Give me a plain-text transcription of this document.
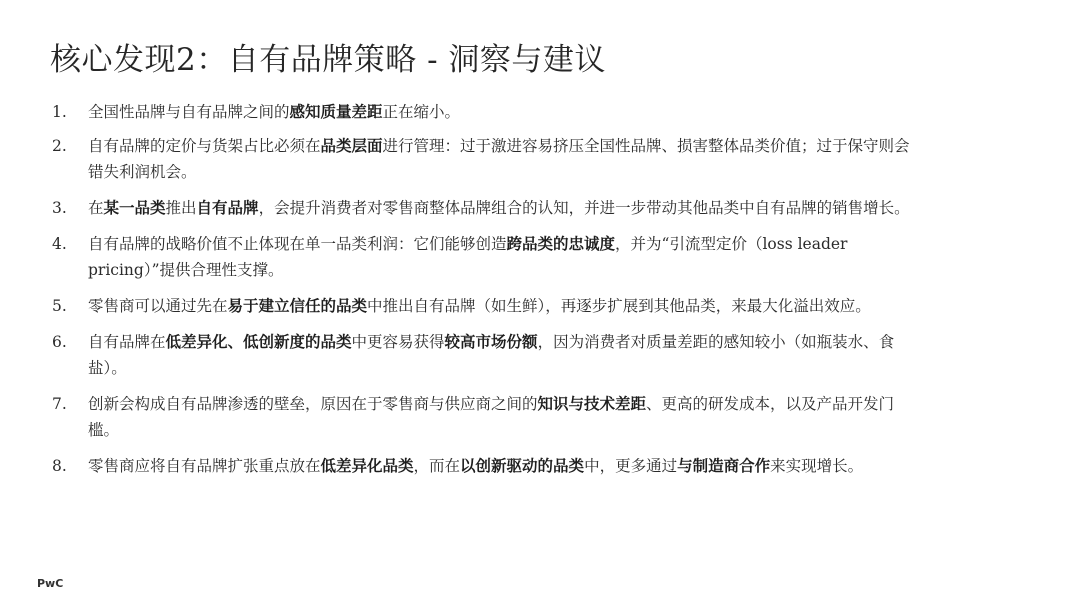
核心发现2：自有品牌策略 - 洞察与建议
1.	全国性品牌与自有品牌之间的感知质量差距正在缩小。
2.	自有品牌的定价与货架占比必须在品类层面进行管理：过于激进容易挤压全国性品牌、损害整体品类价值；过于保守则会错失利润机会。
3.	在某一品类推出自有品牌，会提升消费者对零售商整体品牌组合的认知，并进一步带动其他品类中自有品牌的销售增长。
4.	自有品牌的战略价值不止体现在单一品类利润：它们能够创造跨品类的忠诚度，并为“引流型定价（loss leader pricing）”提供合理性支撑。
5.	零售商可以通过先在易于建立信任的品类中推出自有品牌（如生鲜），再逐步扩展到其他品类，来最大化溢出效应。
6.	自有品牌在低差异化、低创新度的品类中更容易获得较高市场份额，因为消费者对质量差距的感知较小（如瓶装水、食盐）。
7.	创新会构成自有品牌渗透的壁垒，原因在于零售商与供应商之间的知识与技术差距、更高的研发成本，以及产品开发门槛。
8.	零售商应将自有品牌扩张重点放在低差异化品类，而在以创新驱动的品类中，更多通过与制造商合作来实现增长。
PwC
